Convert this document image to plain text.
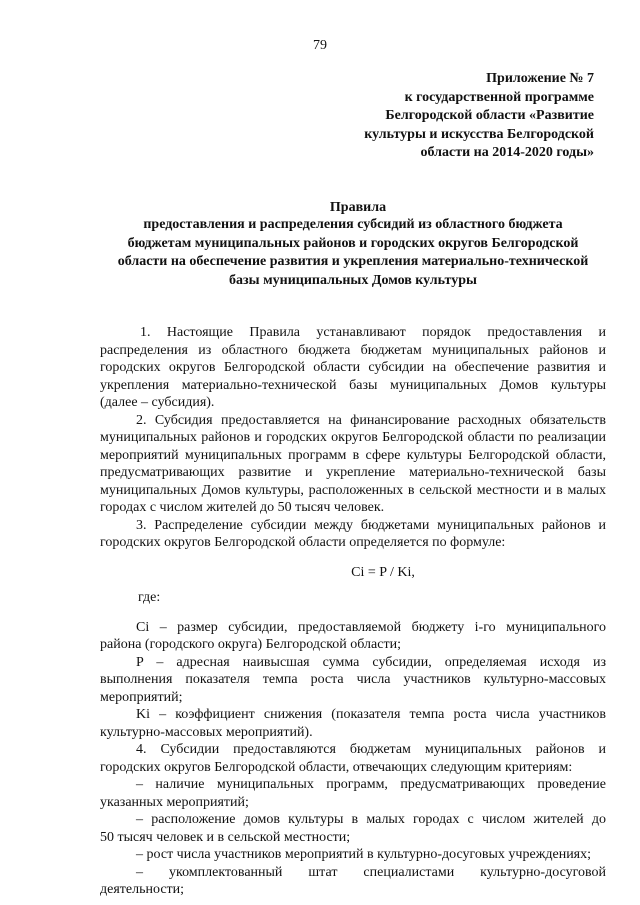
79
Приложение № 7
к государственной программе
Белгородской области «Развитие
культуры и искусства Белгородской
области на 2014-2020 годы»
Правила
предоставления и распределения субсидий из областного бюджета
бюджетам муниципальных районов и городских округов Белгородской
области на обеспечение развития и укрепления материально-технической
базы муниципальных Домов культуры
1. Настоящие Правила устанавливают порядок предоставления и
распределения из областного бюджета бюджетам муниципальных районов и
городских округов Белгородской области субсидии на обеспечение развития и
укрепления материально-технической базы муниципальных Домов культуры
(далее – субсидия).
2. Субсидия предоставляется на финансирование расходных обязательств
муниципальных районов и городских округов Белгородской области по реализации
мероприятий муниципальных программ в сфере культуры Белгородской области,
предусматривающих развитие и укрепление материально-технической базы
муниципальных Домов культуры, расположенных в сельской местности и в малых
городах с числом жителей до 50 тысяч человек.
3. Распределение субсидии между бюджетами муниципальных районов и
городских округов Белгородской области определяется по формуле:
Ci = P / Ki,
где:
Ci – размер субсидии, предоставляемой бюджету i-го муниципального
района (городского округа) Белгородской области;
P – адресная наивысшая сумма субсидии, определяемая исходя из
выполнения показателя темпа роста числа участников культурно-массовых
мероприятий;
Ki – коэффициент снижения (показателя темпа роста числа участников
культурно-массовых мероприятий).
4. Субсидии предоставляются бюджетам муниципальных районов и
городских округов Белгородской области, отвечающих следующим критериям:
– наличие муниципальных программ, предусматривающих проведение
указанных мероприятий;
– расположение домов культуры в малых городах с числом жителей до
50 тысяч человек и в сельской местности;
– рост числа участников мероприятий в культурно-досуговых учреждениях;
– укомплектованный штат специалистами культурно-досуговой
деятельности;
